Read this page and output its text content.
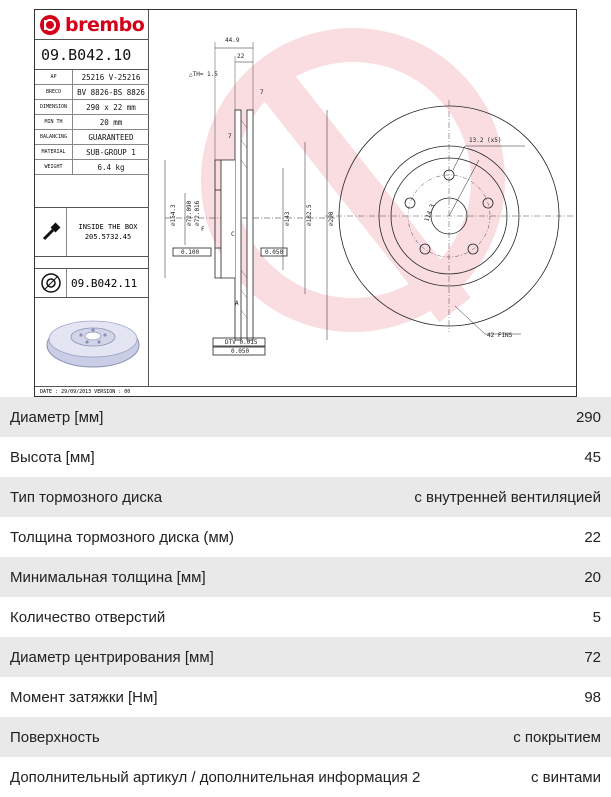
44.9
22
△TH= 1.5
7
7
∅154.3 ∅72.090 ∅72.016	∅143	∅182.5	∅290	114.3
13.2 (x5)
42 FINS
0.100	0.050
DTV 0.015
0.050
F
C
A
brembo
09.B042.10
AP	25216 V-25216
BRECO	BV 8826-BS 8826
DIMENSION	290 x 22 mm
MIN TH	20 mm
BALANCING	GUARANTEED
MATERIAL	SUB-GROUP 1
WEIGHT	6.4 kg
INSIDE THE BOX
205.5732.45
09.B042.11
DATE : 29/09/2013 VERSION : 00
Диаметр [мм]	290
Высота [мм]	45
Тип тормозного диска	с внутренней вентиляцией
Толщина тормозного диска (мм)	22
Минимальная толщина [мм]	20
Количество отверстий	5
Диаметр центрирования [мм]	72
Момент затяжки [Нм]	98
Поверхность	с покрытием
Дополнительный артикул / дополнительная информация 2	с винтами
